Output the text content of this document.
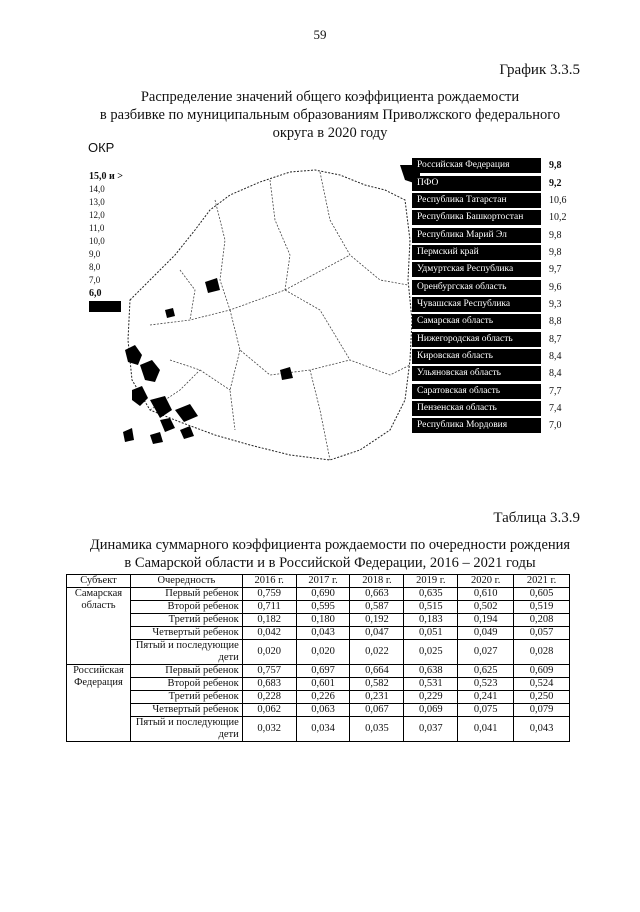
59
График 3.3.5
Распределение значений общего коэффициента рождаемости
в разбивке по муниципальным образованиям Приволжского федерального
округа в 2020 году
ОКР
15,0 и >
14,0
13,0
12,0
11,0
10,0
9,0
8,0
7,0
6,0
Российская Федерация	9,8
ПФО	9,2
Республика Татарстан	10,6
Республика Башкортостан	10,2
Республика Марий Эл	9,8
Пермский край	9,8
Удмуртская Республика	9,7
Оренбургская область	9,6
Чувашская Республика	9,3
Самарская область	8,8
Нижегородская область	8,7
Кировская область	8,4
Ульяновская область	8,4
Саратовская область	7,7
Пензенская область	7,4
Республика Мордовия	7,0
Таблица 3.3.9
Динамика суммарного коэффициента рождаемости по очередности рождения
в Самарской области и в Российской Федерации, 2016 – 2021 годы
Субъект	Очередность	2016 г.	2017 г.	2018 г.	2019 г.	2020 г.	2021 г.
Самарская область	Первый ребенок	0,759	0,690	0,663	0,635	0,610	0,605
	Второй ребенок	0,711	0,595	0,587	0,515	0,502	0,519
	Третий ребенок	0,182	0,180	0,192	0,183	0,194	0,208
	Четвертый ребенок	0,042	0,043	0,047	0,051	0,049	0,057
	Пятый и последующие дети	0,020	0,020	0,022	0,025	0,027	0,028
Российская Федерация	Первый ребенок	0,757	0,697	0,664	0,638	0,625	0,609
	Второй ребенок	0,683	0,601	0,582	0,531	0,523	0,524
	Третий ребенок	0,228	0,226	0,231	0,229	0,241	0,250
	Четвертый ребенок	0,062	0,063	0,067	0,069	0,075	0,079
	Пятый и последующие дети	0,032	0,034	0,035	0,037	0,041	0,043
